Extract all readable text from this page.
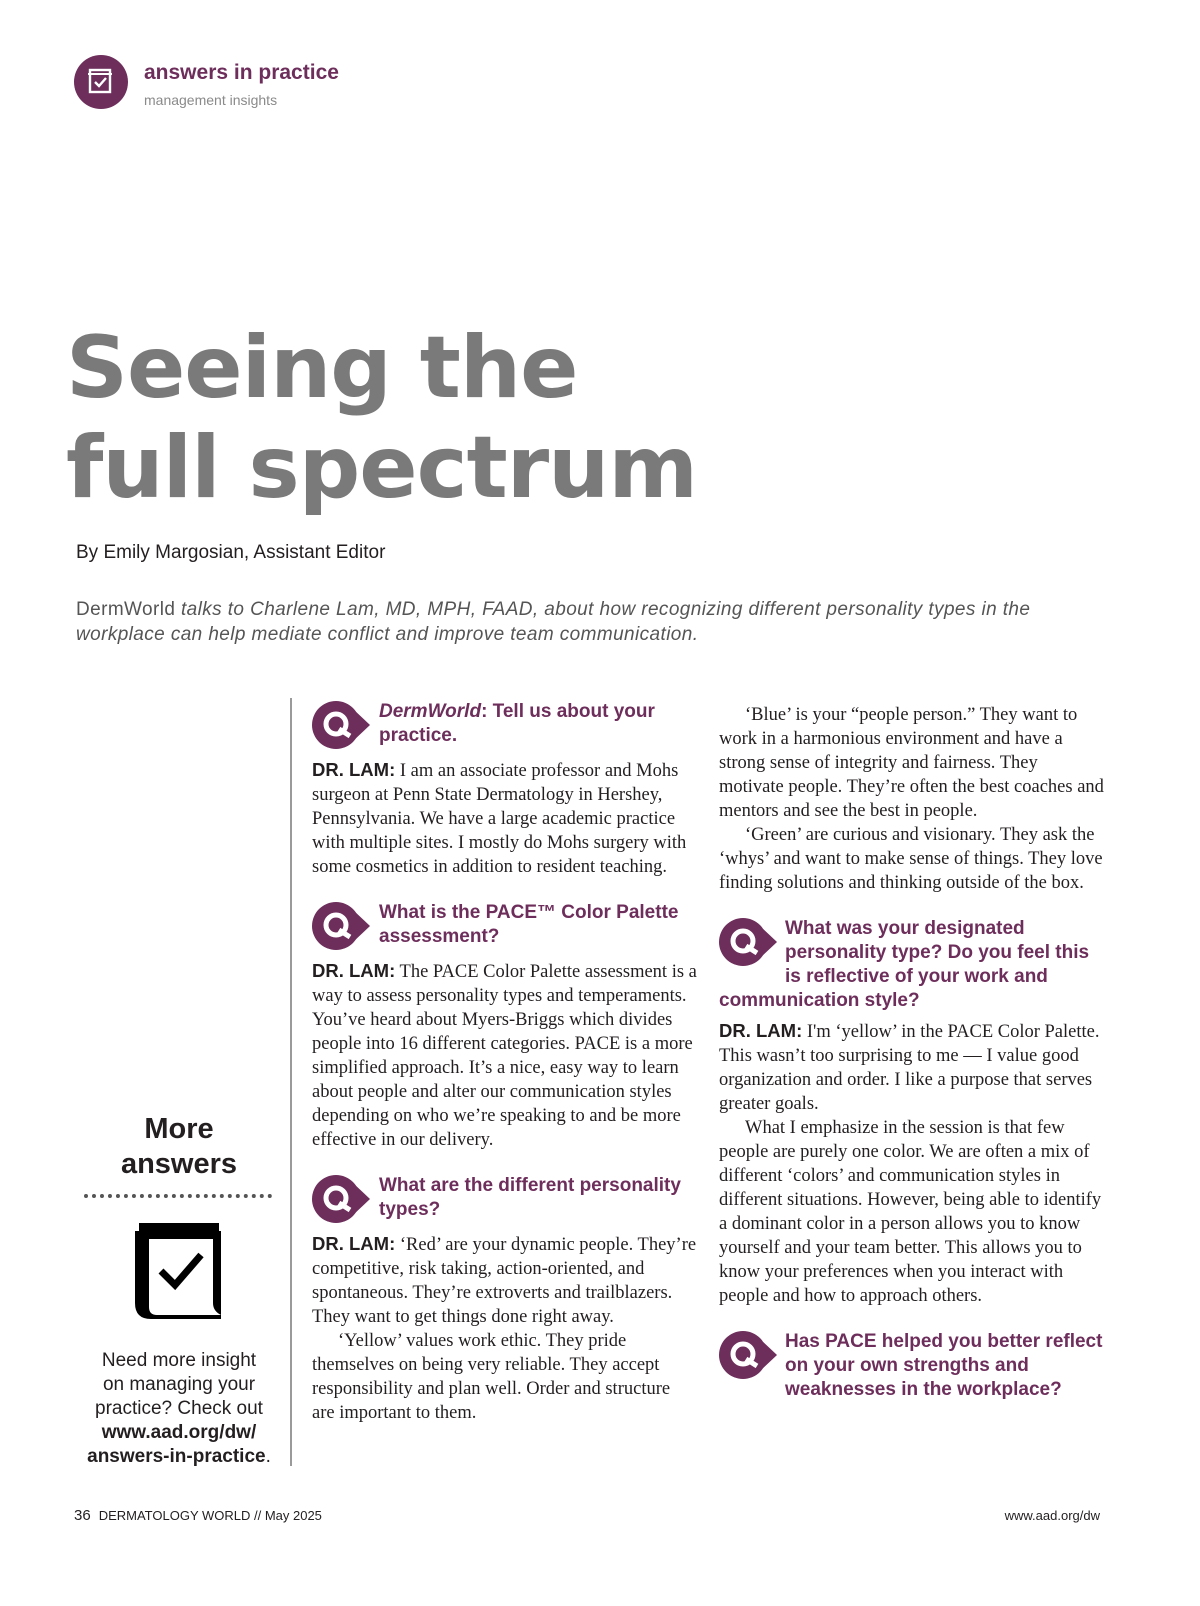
answers in practice
management insights
Seeing the
full spectrum
By Emily Margosian, Assistant Editor
DermWorld talks to Charlene Lam, MD, MPH, FAAD, about how recognizing different personality types in the workplace can help mediate conflict and improve team communication.
More
answers
Need more insight
on managing your
practice? Check out
www.aad.org/dw/
answers-in-practice.
DermWorld: Tell us about your practice.

DR. LAM: I am an associate professor and Mohs surgeon at Penn State Dermatology in Hershey, Pennsylvania. We have a large academic practice with multiple sites. I mostly do Mohs surgery with some cosmetics in addition to resident teaching.

What is the PACE™ Color Palette assessment?

DR. LAM: The PACE Color Palette assessment is a way to assess personality types and temperaments. You’ve heard about Myers-Briggs which divides people into 16 different categories. PACE is a more simplified approach. It’s a nice, easy way to learn about people and alter our communication styles depending on who we’re speaking to and be more effective in our delivery.

What are the different personality types?

DR. LAM: ‘Red’ are your dynamic people. They’re competitive, risk taking, action-oriented, and spontaneous. They’re extroverts and trailblazers. They want to get things done right away.

‘Yellow’ values work ethic. They pride themselves on being very reliable. They accept responsibility and plan well. Order and structure are important to them.

‘Blue’ is your “people person.” They want to work in a harmonious environment and have a strong sense of integrity and fairness. They motivate people. They’re often the best coaches and mentors and see the best in people.

‘Green’ are curious and visionary. They ask the ‘whys’ and want to make sense of things. They love finding solutions and thinking outside of the box.

What was your designated personality type? Do you feel this is reflective of your work and communication style?

DR. LAM: I'm ‘yellow’ in the PACE Color Palette. This wasn’t too surprising to me — I value good organization and order. I like a purpose that serves greater goals.

What I emphasize in the session is that few people are purely one color. We are often a mix of different ‘colors’ and communication styles in different situations. However, being able to identify a dominant color in a person allows you to know yourself and your team better. This allows you to know your preferences when you interact with people and how to approach others.

Has PACE helped you better reflect on your own strengths and weaknesses in the workplace?
36 DERMATOLOGY WORLD // May 2025	www.aad.org/dw
